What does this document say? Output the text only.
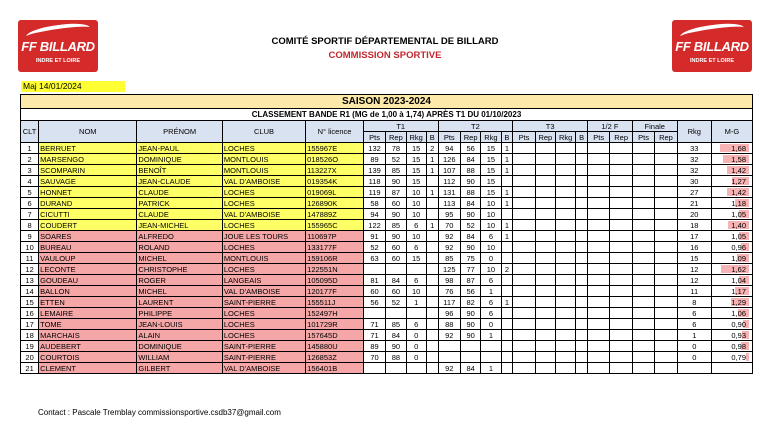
FF BILLARD
INDRE ET LOIRE
FF BILLARD
INDRE ET LOIRE
COMITÉ SPORTIF DÉPARTEMENTAL DE BILLARD
COMMISSION SPORTIVE
Maj 14/01/2024
SAISON 2023-2024																						
CLASSEMENT BANDE R1 (MG de 1,00 à 1,74) APRÈS T1 DU 01/10/2023																						
CLT	NOM	PRÉNOM	CLUB	N° licence	T1				T2				T3				1/2 F		Finale		Rkg	M-G
					Pts	Rep	Rkg	B	Pts	Rep	Rkg	B	Pts	Rep	Rkg	B	Pts	Rep	Pts	Rep		
1	BERRUET	JEAN-PAUL	LOCHES	155967E	132	78	15	2	94	56	15	1									33	1,68
2	MARSENGO	DOMINIQUE	MONTLOUIS	018526O	89	52	15	1	126	84	15	1									32	1,58
3	SCOMPARIN	BENOÎT	MONTLOUIS	113227X	139	85	15	1	107	88	15	1									32	1,42
4	SAUVAGE	JEAN-CLAUDE	VAL D'AMBOISE	019354K	118	90	15		112	90	15										30	1,27
5	HONNET	CLAUDE	LOCHES	019069L	119	87	10	1	131	88	15	1									27	1,42
6	DURAND	PATRICK	LOCHES	126890K	58	60	10		113	84	10	1									21	1,18
7	CICUTTI	CLAUDE	VAL D'AMBOISE	147889Z	94	90	10		95	90	10										20	1,05
8	COUDERT	JEAN-MICHEL	LOCHES	155965C	122	85	6	1	70	52	10	1									18	1,40
9	SOARES	ALFREDO	JOUE LES TOURS	110697P	91	90	10		92	84	6	1									17	1,05
10	BUREAU	ROLAND	LOCHES	133177F	52	60	6		92	90	10										16	0,96
11	VAULOUP	MICHEL	MONTLOUIS	159106R	63	60	15		85	75	0										15	1,09
12	LECONTE	CHRISTOPHE	LOCHES	122551N					125	77	10	2									12	1,62
13	GOUDEAU	ROGER	LANGEAIS	105095D	81	84	6		98	87	6										12	1,04
14	BALLON	MICHEL	VAL D'AMBOISE	120177F	60	60	10		76	56	1										11	1,17
15	ETTEN	LAURENT	SAINT-PIERRE	155511J	56	52	1		117	82	6	1									8	1,29
16	LEMAIRE	PHILIPPE	LOCHES	152497H					96	90	6										6	1,06
17	TOME	JEAN-LOUIS	LOCHES	101729R	71	85	6		88	90	0										6	0,90
18	MARCHAIS	ALAIN	LOCHES	157645D	71	84	0		92	90	1										1	0,93
19	AUDEBERT	DOMINIQUE	SAINT-PIERRE	145880U	89	90	0														0	0,98
20	COURTOIS	WILLIAM	SAINT-PIERRE	126853Z	70	88	0														0	0,79
21	CLEMENT	GILBERT	VAL D'AMBOISE	156401B					92	84	1											
Contact : Pascale Tremblay commissionsportive.csdb37@gmail.com
